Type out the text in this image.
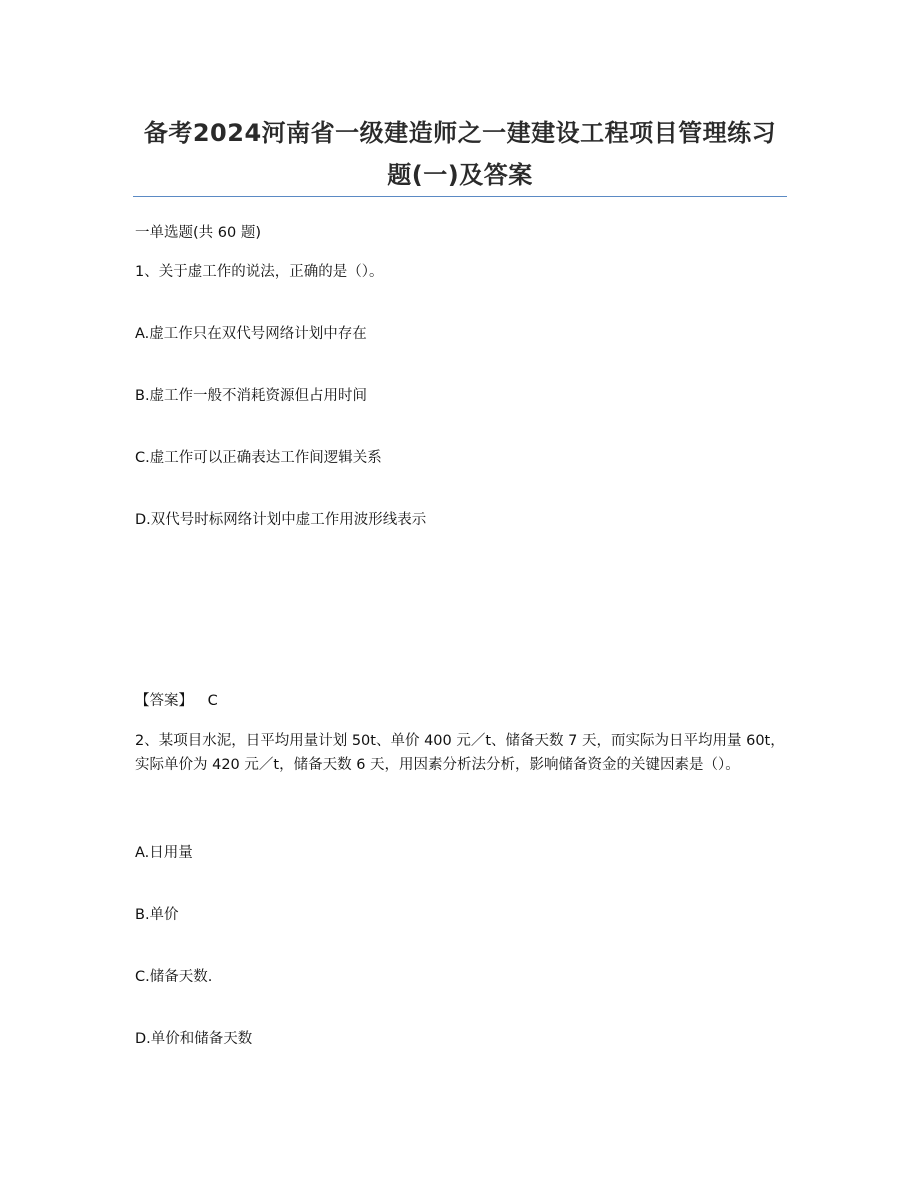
备考2024河南省一级建造师之一建建设工程项目管理练习
题(一)及答案
一单选题(共 60 题)
1、关于虚工作的说法，正确的是（）。
A.虚工作只在双代号网络计划中存在
B.虚工作一般不消耗资源但占用时间
C.虚工作可以正确表达工作间逻辑关系
D.双代号时标网络计划中虚工作用波形线表示
【答案】 C
2、某项目水泥，日平均用量计划 50t、单价 400 元／t、储备天数 7 天，而实际为日平均用量 60t，实际单价为 420 元／t，储备天数 6 天，用因素分析法分析，影响储备资金的关键因素是（）。
A.日用量
B.单价
C.储备天数.
D.单价和储备天数
